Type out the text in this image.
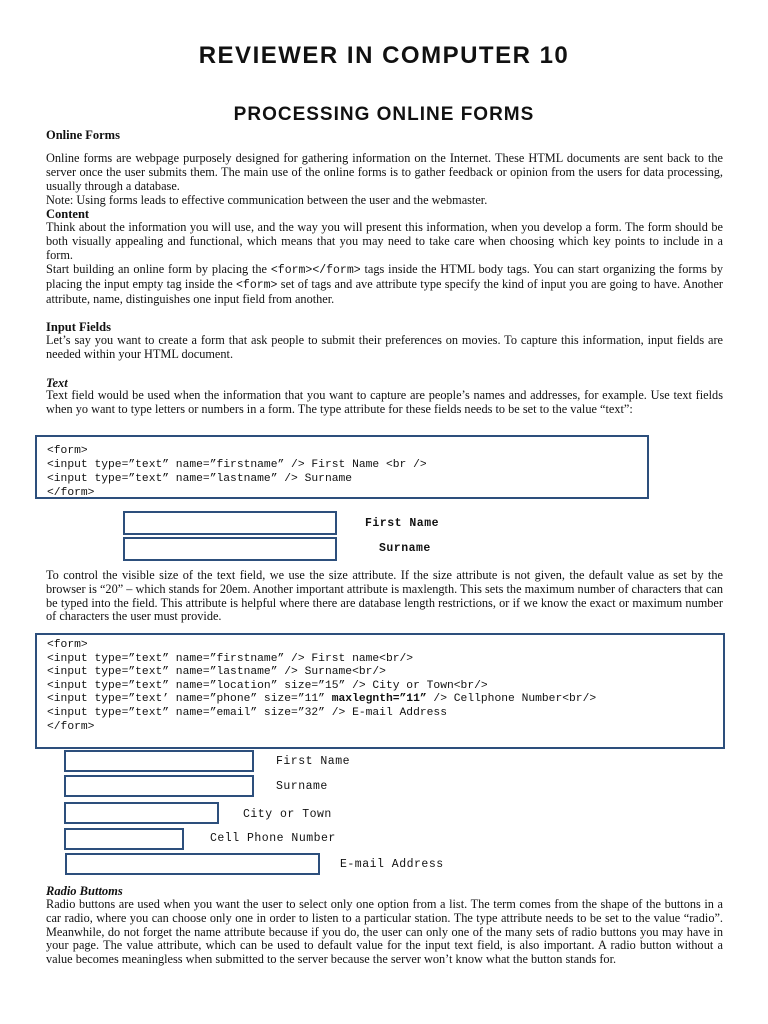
REVIEWER IN COMPUTER 10
PROCESSING ONLINE FORMS
Online Forms
Online forms are webpage purposely designed for gathering information on the Internet. These HTML documents are sent back to the server once the user submits them. The main use of the online forms is to gather feedback or opinion from the users for data processing, usually through a database.
Note: Using forms leads to effective communication between the user and the webmaster.
Content
Think about the information you will use, and the way you will present this information, when you develop a form. The form should be both visually appealing and functional, which means that you may need to take care when choosing which key points to include in a form.
Start building an online form by placing the <form></form> tags inside the HTML body tags. You can start organizing the forms by placing the input empty tag inside the <form> set of tags and ave attribute type specify the kind of input you are going to have. Another attribute, name, distinguishes one input field from another.
Input Fields
Let’s say you want to create a form that ask people to submit their preferences on movies. To capture this information, input fields are needed within your HTML document.
Text
Text field would be used when the information that you want to capture are people’s names and addresses, for example. Use text fields when yo want to type letters or numbers in a form. The type attribute for these fields needs to be set to the value “text”:
<form>
<input type=”text” name=”firstname” /> First Name <br />
<input type=”text” name=”lastname” /> Surname
</form>
First Name
Surname
To control the visible size of the text field, we use the size attribute. If the size attribute is not given, the default value as set by the browser is “20” – which stands for 20em. Another important attribute is maxlength. This sets the maximum number of characters that can be typed into the field. This attribute is helpful where there are database length restrictions, or if we know the exact or maximum number of characters the user must provide.
<form>
<input type=”text” name=”firstname” /> First name<br/>
<input type=”text” name=”lastname” /> Surname<br/>
<input type=”text” name=”location” size=”15” /> City or Town<br/>
<input type=”text’ name=”phone” size=”11” maxlegnth=”11” /> Cellphone Number<br/>
<input type=”text” name=”email” size=”32” /> E-mail Address
</form>
First Name
Surname
City or Town
Cell Phone Number
E-mail Address
Radio Buttoms
Radio buttons are used when you want the user to select only one option from a list. The term comes from the shape of the buttons in a car radio, where you can choose only one in order to listen to a particular station. The type attribute needs to be set to the value “radio”. Meanwhile, do not forget the name attribute because if you do, the user can only one of the many sets of radio buttons you may have in your page. The value attribute, which can be used to default value for the input text field, is also important. A radio button without a value becomes meaningless when submitted to the server because the server won’t know what the button stands for.
